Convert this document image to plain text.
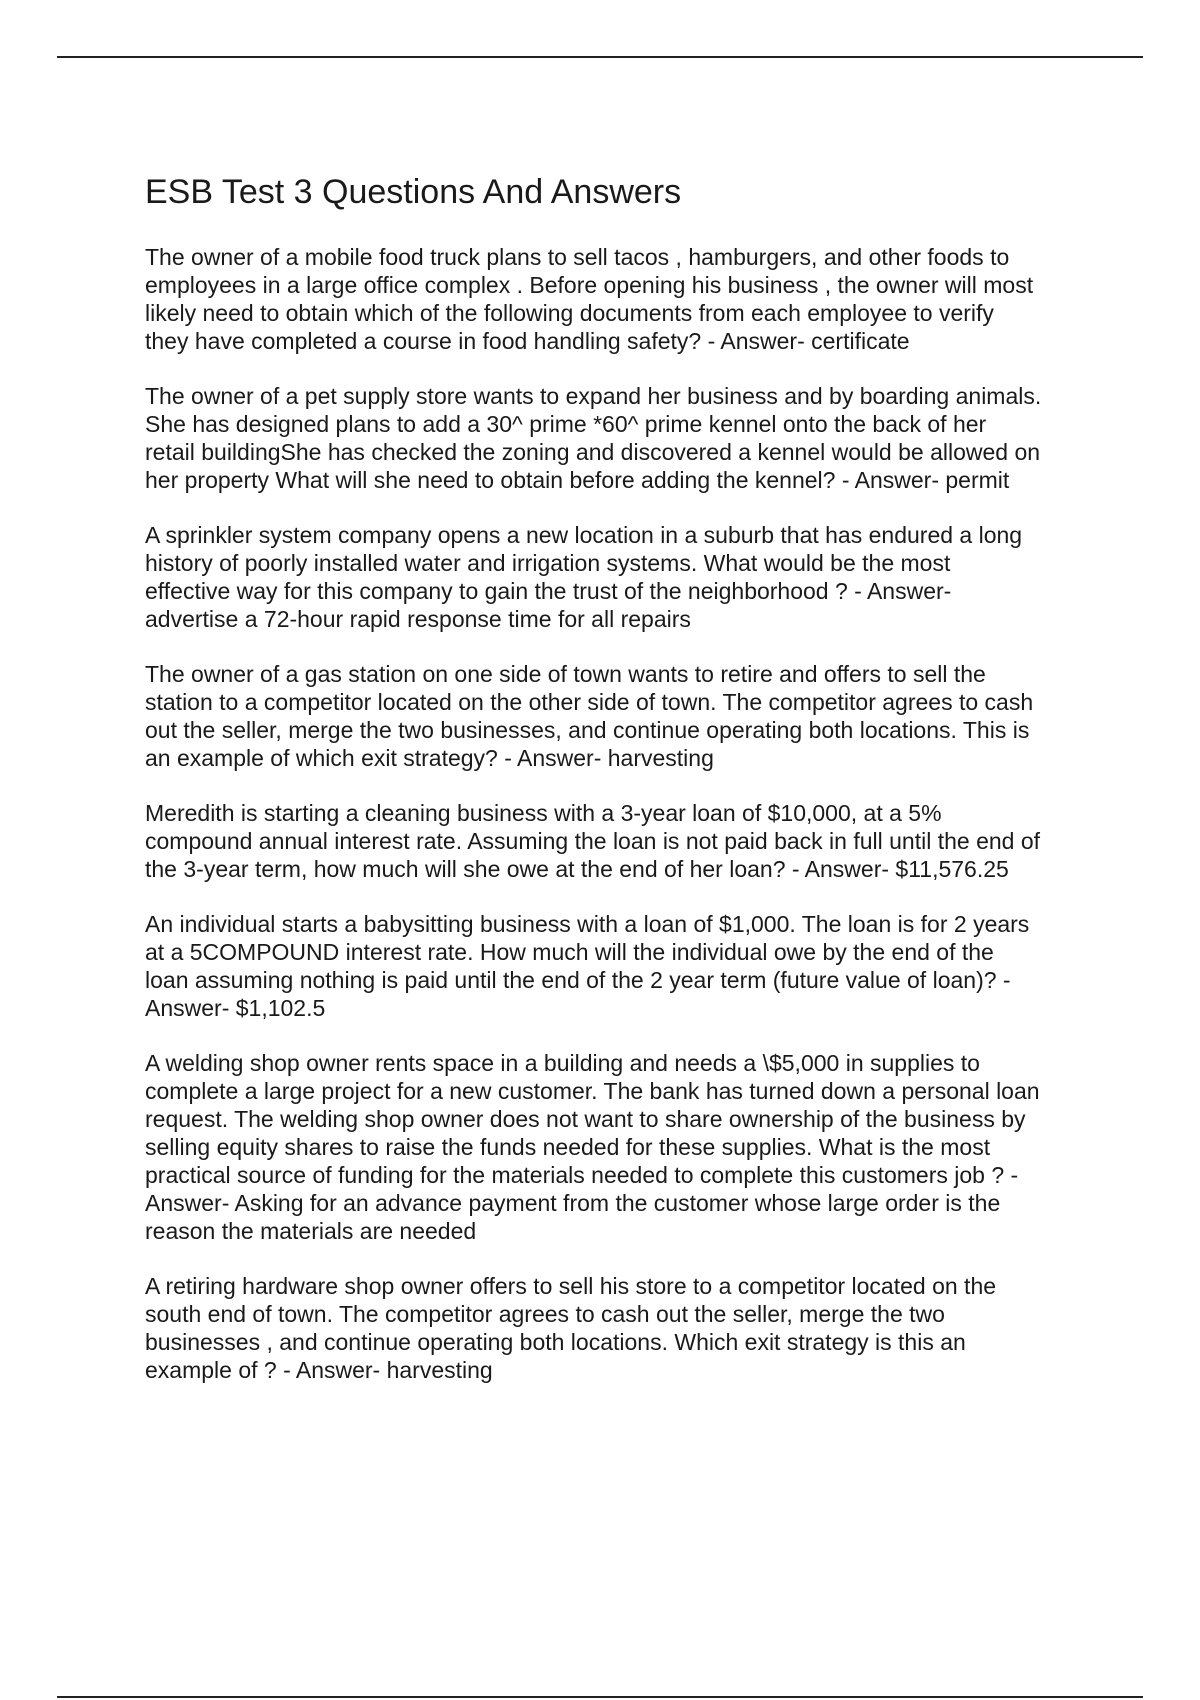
ESB Test 3 Questions And Answers

The owner of a mobile food truck plans to sell tacos , hamburgers, and other foods to
employees in a large office complex . Before opening his business , the owner will most
likely need to obtain which of the following documents from each employee to verify
they have completed a course in food handling safety? - Answer- certificate

The owner of a pet supply store wants to expand her business and by boarding animals.
She has designed plans to add a 30^ prime *60^ prime kennel onto the back of her
retail buildingShe has checked the zoning and discovered a kennel would be allowed on
her property What will she need to obtain before adding the kennel? - Answer- permit

A sprinkler system company opens a new location in a suburb that has endured a long
history of poorly installed water and irrigation systems. What would be the most
effective way for this company to gain the trust of the neighborhood ? - Answer-
advertise a 72-hour rapid response time for all repairs

The owner of a gas station on one side of town wants to retire and offers to sell the
station to a competitor located on the other side of town. The competitor agrees to cash
out the seller, merge the two businesses, and continue operating both locations. This is
an example of which exit strategy? - Answer- harvesting

Meredith is starting a cleaning business with a 3-year loan of $10,000, at a 5%
compound annual interest rate. Assuming the loan is not paid back in full until the end of
the 3-year term, how much will she owe at the end of her loan? - Answer- $11,576.25

An individual starts a babysitting business with a loan of $1,000. The loan is for 2 years
at a 5COMPOUND interest rate. How much will the individual owe by the end of the
loan assuming nothing is paid until the end of the 2 year term (future value of loan)? -
Answer- $1,102.5

A welding shop owner rents space in a building and needs a \$5,000 in supplies to
complete a large project for a new customer. The bank has turned down a personal loan
request. The welding shop owner does not want to share ownership of the business by
selling equity shares to raise the funds needed for these supplies. What is the most
practical source of funding for the materials needed to complete this customers job ? -
Answer- Asking for an advance payment from the customer whose large order is the
reason the materials are needed

A retiring hardware shop owner offers to sell his store to a competitor located on the
south end of town. The competitor agrees to cash out the seller, merge the two
businesses , and continue operating both locations. Which exit strategy is this an
example of ? - Answer- harvesting
